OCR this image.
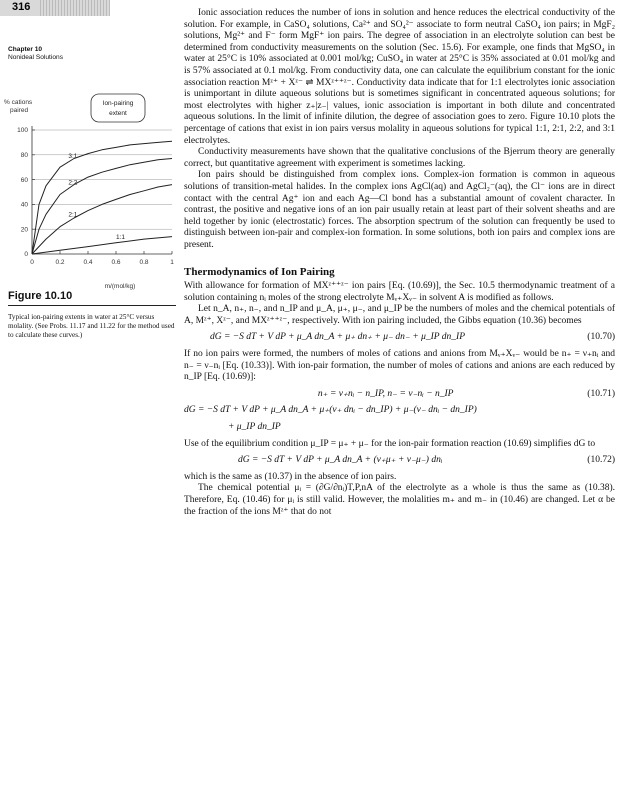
316
Chapter 10
Nonideal Solutions
% cations
paired
Ion-pairing
extent
m/(mol/kg)
0
20
40
60
80
100
0	0.2	0.4	0.6	0.8	1
3:1
2:2
2:1
1:1
Figure 10.10
Typical ion-pairing extents in water at 25°C versus molality. (See Probs. 11.17 and 11.22 for the method used to calculate these curves.)

Ionic association reduces the number of ions in solution and hence reduces the electrical conductivity of the solution. For example, in CaSO₄ solutions, Ca²⁺ and SO₄²⁻ associate to form neutral CaSO₄ ion pairs; in MgF₂ solutions, Mg²⁺ and F⁻ form MgF⁺ ion pairs. The degree of association in an electrolyte solution can best be determined from conductivity measurements on the solution (Sec. 15.6). For example, one finds that MgSO₄ in water at 25°C is 10% associated at 0.001 mol/kg; CuSO₄ in water at 25°C is 35% associated at 0.01 mol/kg and is 57% associated at 0.1 mol/kg. From conductivity data, one can calculate the equilibrium constant for the ionic association reaction Mᶻ⁺ + Xᶻ⁻ ⇌ MXᶻ⁺⁺ᶻ⁻. Conductivity data indicate that for 1:1 electrolytes ionic association is unimportant in dilute aqueous solutions but is sometimes significant in concentrated aqueous solutions; for most electrolytes with higher z₊|z₋| values, ionic association is important in both dilute and concentrated aqueous solutions. In the limit of infinite dilution, the degree of association goes to zero. Figure 10.10 plots the percentage of cations that exist in ion pairs versus molality in aqueous solutions for typical 1:1, 2:1, 2:2, and 3:1 electrolytes.

Conductivity measurements have shown that the qualitative conclusions of the Bjerrum theory are generally correct, but quantitative agreement with experiment is sometimes lacking.

Ion pairs should be distinguished from complex ions. Complex-ion formation is common in aqueous solutions of transition-metal halides. In the complex ions AgCl(aq) and AgCl₂⁻(aq), the Cl⁻ ions are in direct contact with the central Ag⁺ ion and each Ag—Cl bond has a substantial amount of covalent character. In contrast, the positive and negative ions of an ion pair usually retain at least part of their solvent sheaths and are held together by ionic (electrostatic) forces. The absorption spectrum of the solution can frequently be used to distinguish between ion-pair and complex-ion formation. In some solutions, both ion pairs and complex ions are present.

Thermodynamics of Ion Pairing

With allowance for formation of MXᶻ⁺⁺ᶻ⁻ ion pairs [Eq. (10.69)], the Sec. 10.5 thermodynamic treatment of a solution containing nᵢ moles of the strong electrolyte Mᵥ₊Xᵥ₋ in solvent A is modified as follows.

Let n_A, n₊, n₋, and n_IP and μ_A, μ₊, μ₋, and μ_IP be the numbers of moles and the chemical potentials of A, Mᶻ⁺, Xᶻ⁻, and MXᶻ⁺⁺ᶻ⁻, respectively. With ion pairing included, the Gibbs equation (10.36) becomes

dG = −S dT + V dP + μ_A dn_A + μ₊ dn₊ + μ₋ dn₋ + μ_IP dn_IP	(10.70)

If no ion pairs were formed, the numbers of moles of cations and anions from Mᵥ₊Xᵥ₋ would be n₊ = ν₊nᵢ and n₋ = ν₋nᵢ [Eq. (10.33)]. With ion-pair formation, the number of moles of cations and anions are each reduced by n_IP [Eq. (10.69)]:

n₊ = ν₊nᵢ − n_IP, n₋ = ν₋nᵢ − n_IP	(10.71)

dG = −S dT + V dP + μ_A dn_A + μ₊(ν₊ dnᵢ − dn_IP) + μ₋(ν₋ dnᵢ − dn_IP)

+ μ_IP dn_IP

Use of the equilibrium condition μ_IP = μ₊ + μ₋ for the ion-pair formation reaction (10.69) simplifies dG to

dG = −S dT + V dP + μ_A dn_A + (ν₊μ₊ + ν₋μ₋) dnᵢ	(10.72)

which is the same as (10.37) in the absence of ion pairs.

The chemical potential μᵢ = (∂G/∂nᵢ)T,P,nA of the electrolyte as a whole is thus the same as (10.38). Therefore, Eq. (10.46) for μᵢ is still valid. However, the molalities m₊ and m₋ in (10.46) are changed. Let α be the fraction of the ions Mᶻ⁺ that do not
